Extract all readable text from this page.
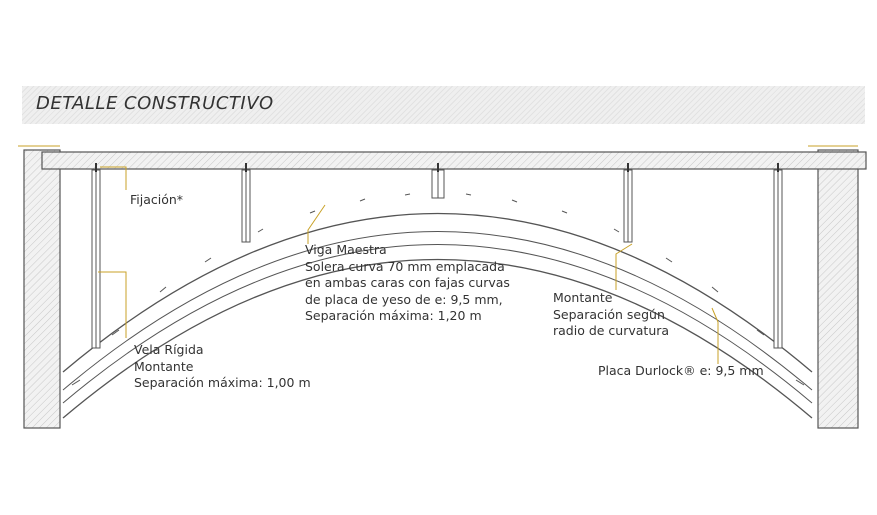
DETALLE CONSTRUCTIVO

Fijación*

Viga Maestra
Solera curva 70 mm emplacada
en ambas caras con fajas curvas
de placa de yeso de e: 9,5 mm,
Separación máxima: 1,20 m
Montante
Separación según
radio de curvatura
Vela Rígida
Montante
Separación máxima: 1,00 m

Placa Durlock® e: 9,5 mm
